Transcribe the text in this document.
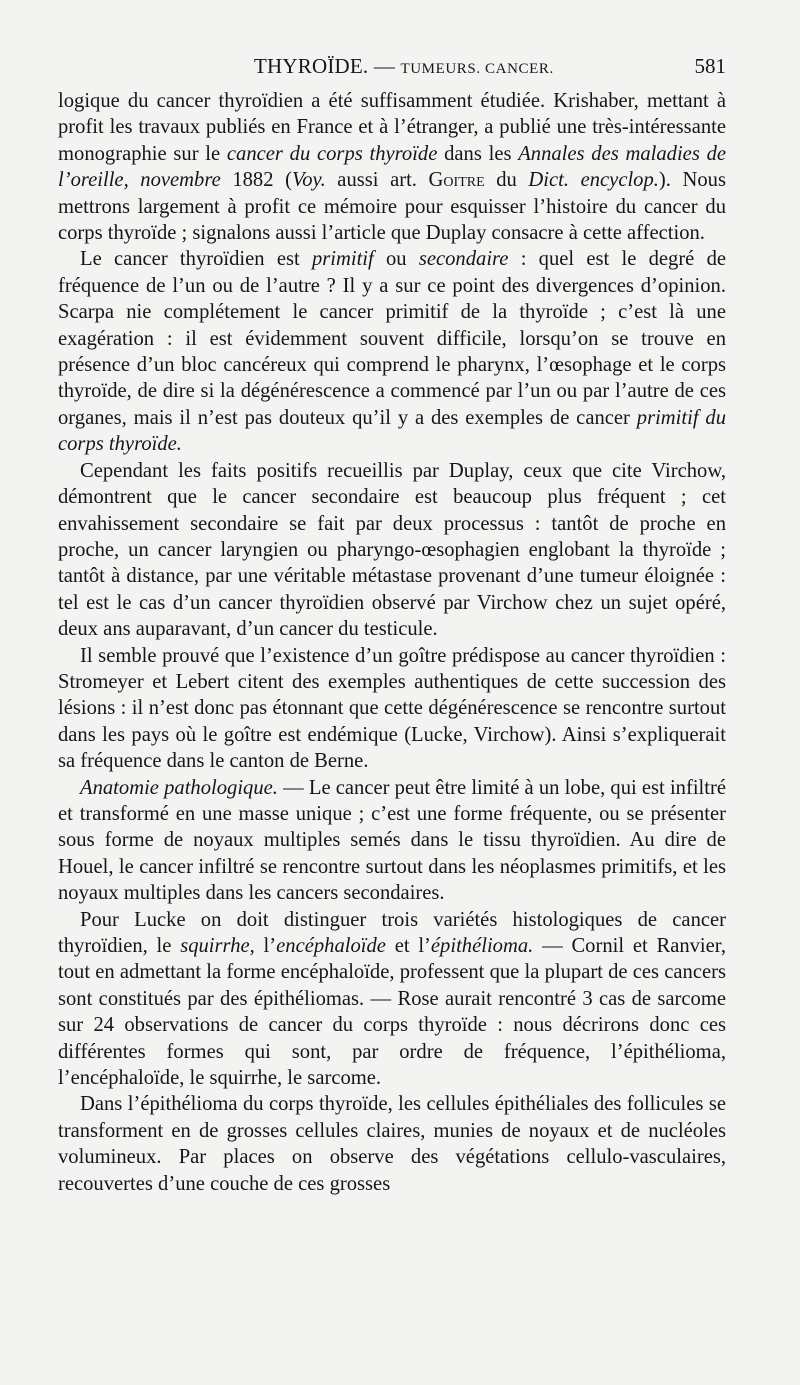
THYROÏDE. — TUMEURS. CANCER.	581

logique du cancer thyroïdien a été suffisamment étudiée. Krishaber, mettant à profit les travaux publiés en France et à l’étranger, a publié une très-intéressante monographie sur le cancer du corps thyroïde dans les Annales des maladies de l’oreille, novembre 1882 (Voy. aussi art. Goitre du Dict. encyclop.). Nous mettrons largement à profit ce mémoire pour esquisser l’histoire du cancer du corps thyroïde ; signalons aussi l’article que Duplay consacre à cette affection.

Le cancer thyroïdien est primitif ou secondaire : quel est le degré de fréquence de l’un ou de l’autre ? Il y a sur ce point des divergences d’opinion. Scarpa nie complétement le cancer primitif de la thyroïde ; c’est là une exagération : il est évidemment souvent difficile, lorsqu’on se trouve en présence d’un bloc cancéreux qui comprend le pharynx, l’œsophage et le corps thyroïde, de dire si la dégénérescence a commencé par l’un ou par l’autre de ces organes, mais il n’est pas douteux qu’il y a des exemples de cancer primitif du corps thyroïde.

Cependant les faits positifs recueillis par Duplay, ceux que cite Virchow, démontrent que le cancer secondaire est beaucoup plus fréquent ; cet envahissement secondaire se fait par deux processus : tantôt de proche en proche, un cancer laryngien ou pharyngo-œsophagien englobant la thyroïde ; tantôt à distance, par une véritable métastase provenant d’une tumeur éloignée : tel est le cas d’un cancer thyroïdien observé par Virchow chez un sujet opéré, deux ans auparavant, d’un cancer du testicule.

Il semble prouvé que l’existence d’un goître prédispose au cancer thyroïdien : Stromeyer et Lebert citent des exemples authentiques de cette succession des lésions : il n’est donc pas étonnant que cette dégénérescence se rencontre surtout dans les pays où le goître est endémique (Lucke, Virchow). Ainsi s’expliquerait sa fréquence dans le canton de Berne.

Anatomie pathologique. — Le cancer peut être limité à un lobe, qui est infiltré et transformé en une masse unique ; c’est une forme fréquente, ou se présenter sous forme de noyaux multiples semés dans le tissu thyroïdien. Au dire de Houel, le cancer infiltré se rencontre surtout dans les néoplasmes primitifs, et les noyaux multiples dans les cancers secondaires.

Pour Lucke on doit distinguer trois variétés histologiques de cancer thyroïdien, le squirrhe, l’encéphaloïde et l’épithélioma. — Cornil et Ranvier, tout en admettant la forme encéphaloïde, professent que la plupart de ces cancers sont constitués par des épithéliomas. — Rose aurait rencontré 3 cas de sarcome sur 24 observations de cancer du corps thyroïde : nous décrirons donc ces différentes formes qui sont, par ordre de fréquence, l’épithélioma, l’encéphaloïde, le squirrhe, le sarcome.

Dans l’épithélioma du corps thyroïde, les cellules épithéliales des follicules se transforment en de grosses cellules claires, munies de noyaux et de nucléoles volumineux. Par places on observe des végétations cellulo-vasculaires, recouvertes d’une couche de ces grosses
